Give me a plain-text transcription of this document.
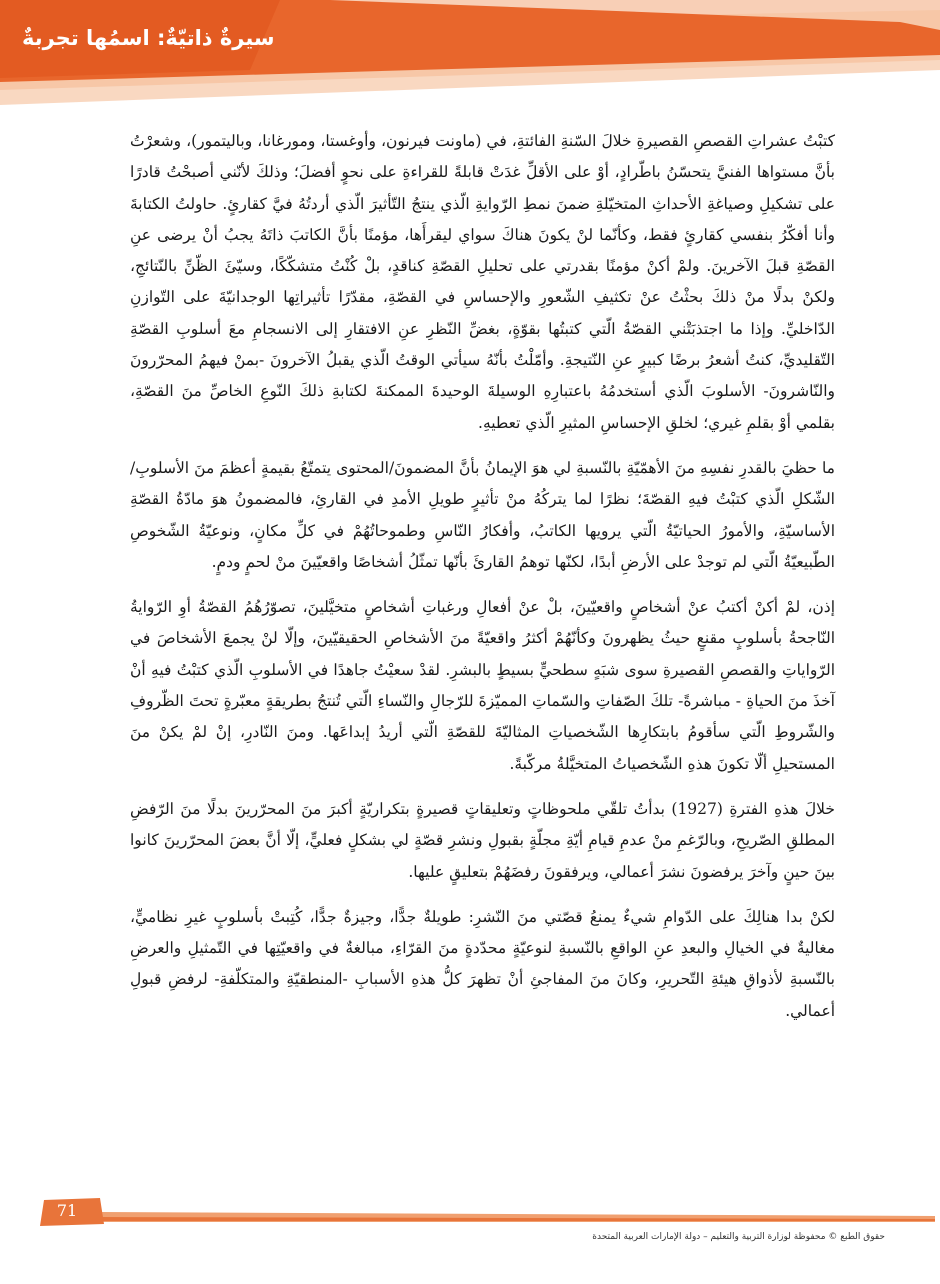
سيرةٌ ذاتيّةٌ: اسمُها تجربةٌ

كتبْتُ عشراتِ القصصِ القصيرةِ خلالَ السّنةِ الفائتةِ، في (ماونت فيرنون، وأوغستا، ومورغانا، وباليتمور)، وشعرْتُ بأنَّ مستواها الفنيَّ يتحسّنُ باطّرادٍ، أوْ على الأقلِّ غدَتْ قابلةً للقراءةِ على نحوٍ أفضلَ؛ وذلكَ لأنّني أصبحْتُ قادرًا على تشكيلِ وصياغةِ الأحداثِ المتخيّلةِ ضمنَ نمطِ الرّوايةِ الّذي ينتجُ التّأثيرَ الّذي أردتُهُ فيَّ كقارئٍ. حاولتُ الكتابةَ وأنا أفكّرُ بنفسي كقارئٍ فقط، وكأنّما لنْ يكونَ هناكَ سواي ليقرأَها، مؤمنًا بأنَّ الكاتبَ ذاتَهُ يجبُ أنْ يرضى عنِ القصّةِ قبلَ الآخرينَ. ولمْ أكنْ مؤمنًا بقدرتي على تحليلِ القصّةِ كناقدٍ، بلْ كُنْتُ متشكّكًا، وسيّئَ الظّنِّ بالنّتائجِ، ولكنْ بدلًا منْ ذلكَ بحثْتُ عنْ تكثيفِ الشّعورِ والإحساسِ في القصّةِ، مقدّرًا تأثيراتِها الوجدانيّةَ على التّوازنِ الدّاخليِّ. وإذا ما اجتذبَتْني القصّةُ الّتي كتبتُها بقوّةٍ، بغضِّ النّظرِ عنِ الافتقارِ إلى الانسجامِ معَ أسلوبِ القصّةِ التّقليديِّ، كنتُ أشعرُ برضًا كبيرٍ عنِ النّتيجةِ. وأمّلْتُ بأنّهُ سيأتي الوقتُ الّذي يقبلُ الآخرونَ -بمنْ فيهمُ المحرّرونَ والنّاشرونَ- الأسلوبَ الّذي أستخدمُهُ باعتبارِهِ الوسيلةَ الوحيدةَ الممكنةَ لكتابةِ ذلكَ النّوعِ الخاصِّ منَ القصّةِ، بقلمي أوْ بقلمِ غيري؛ لخلقِ الإحساسِ المثيرِ الّذي تعطيهِ.

ما حظيَ بالقدرِ نفسِهِ منَ الأهمّيّةِ بالنّسبةِ لي هوَ الإيمانُ بأنَّ المضمونَ/المحتوى يتمتّعُ بقيمةٍ أعظمَ منَ الأسلوبِ/الشّكلِ الّذي كتبْتُ فيهِ القصّةَ؛ نظرًا لما يتركُهُ منْ تأثيرٍ طويلِ الأمدِ في القارئِ، فالمضمونُ هوَ مادّةُ القصّةِ الأساسيّةِ، والأمورُ الحياتيّةُ الّتي يرويها الكاتبُ، وأفكارُ النّاسِ وطموحاتُهُمْ في كلِّ مكانٍ، ونوعيّةُ الشّخوصِ الطّبيعيّةُ الّتي لم توجدْ على الأرضِ أبدًا، لكنّها توهمُ القارئَ بأنّها تمثّلُ أشخاصًا واقعيّينَ منْ لحمٍ ودمٍ.

إذن، لمْ أكنْ أكتبُ عنْ أشخاصٍ واقعيّينَ، بلْ عنْ أفعالِ ورغباتِ أشخاصٍ متخيَّلينَ، تصوّرُهُمُ القصّةُ أوِ الرّوايةُ النّاجحةُ بأسلوبٍ مقنعٍ حيثُ يظهرونَ وكأنّهُمْ أكثرُ واقعيّةً منَ الأشخاصِ الحقيقيّينَ، وإلّا لنْ يجمعَ الأشخاصَ في الرّواياتِ والقصصِ القصيرةِ سوى شبَهٍ سطحيٍّ بسيطٍ بالبشرِ. لقدْ سعيْتُ جاهدًا في الأسلوبِ الّذي كتبْتُ فيهِ أنْ آخذَ منَ الحياةِ - مباشرةً- تلكَ الصّفاتِ والسّماتِ المميّزةَ للرّجالِ والنّساءِ الّتي تُنتجُ بطريقةٍ معبّرةٍ تحتَ الظّروفِ والشّروطِ الّتي سأقومُ بابتكارِها الشّخصياتِ المثاليّةَ للقصّةِ الّتي أريدُ إبداعَها. ومنَ النّادرِ، إنْ لمْ يكنْ منَ المستحيلِ ألّا تكونَ هذهِ الشّخصياتُ المتخيَّلةُ مركّبةً.

خلالَ هذهِ الفترةِ (1927) بدأتُ تلقّي ملحوظاتٍ وتعليقاتٍ قصيرةٍ بتكراريّةٍ أكبرَ منَ المحرّرينَ بدلًا منَ الرّفضِ المطلقِ الصّريحِ، وبالرّغمِ منْ عدمِ قيامِ أيّةِ مجلّةٍ بقبولِ ونشرِ قصّةٍ لي بشكلٍ فعليٍّ، إلّا أنَّ بعضَ المحرّرينَ كانوا بينَ حينٍ وآخرَ يرفضونَ نشرَ أعمالي، ويرفقونَ رفضَهُمْ بتعليقٍ عليها.

لكنْ بدا هنالِكَ على الدّوامِ شيءٌ يمنعُ قصّتي منَ النّشرِ: طويلةٌ جدًّا، وجيزةٌ جدًّا، كُتِبتْ بأسلوبٍ غيرِ نظاميٍّ، مغاليةٌ في الخيالِ والبعدِ عنِ الواقعِ بالنّسبةِ لنوعيّةٍ محدّدةٍ منَ القرّاءِ، مبالغةٌ في واقعيّتِها في التّمثيلِ والعرضِ بالنّسبةِ لأذواقِ هيئةِ التّحريرِ، وكانَ منَ المفاجئِ أنْ تظهرَ كلُّ هذهِ الأسبابِ -المنطقيّةِ والمتكلّفةِ- لرفضِ قبولِ أعمالي.

71
حقوق الطبع © محفوظة لوزارة التربية والتعليم – دولة الإمارات العربية المتحدة
